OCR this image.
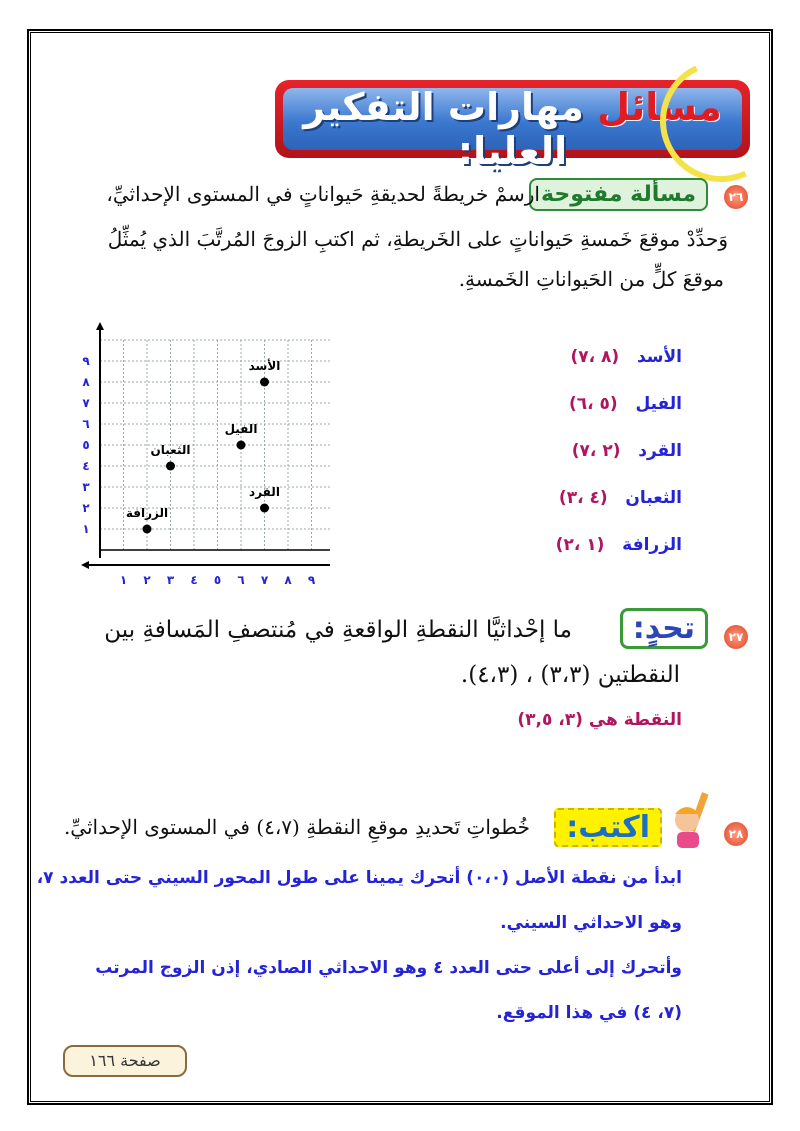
مسائل مهارات التفكير العليا:
٢٦
مسألة مفتوحة
ارسمْ خريطةً لحديقةِ حَيواناتٍ في المستوى الإحداثيِّ،
وَحدِّدْ موقعَ خَمسةِ حَيواناتٍ على الخَريطةِ، ثم اكتبِ الزوجَ المُرتَّبَ الذي يُمثِّلُ
موقعَ كلٍّ من الحَيواناتِ الخَمسةِ.
١ ٢ ٣ ٤ ٥ ٦ ٧ ٨ ٩
١
٢
٣
٤
٥
٦
٧
٨
٩	الأسد
الفيل
القرد
الثعبان
الزرافة
الأسد   (٨ ،٧)
الفيل   (٥ ،٦)
القرد   (٢ ،٧)
الثعبان   (٤ ،٣)
الزرافة   (١ ،٢)
٢٧
تحدٍ:
ما إحْداثيَّا النقطةِ الواقعةِ في مُنتصفِ المَسافةِ بين
النقطتين (٣،٣) ، (٤،٣).
النقطة هي (٣، ٣,٥)
٢٨
اكتب:
خُطواتِ تَحديدِ موقعِ النقطةِ (٤،٧) في المستوى الإحداثيِّ.
ابدأ من نقطة الأصل (٠،٠) أتحرك يمينا على طول المحور السيني حتى العدد ٧،
وهو الاحداثي السيني.
وأتحرك إلى أعلى حتى العدد ٤ وهو الاحداثي الصادي، إذن الزوج المرتب
(٧، ٤) في هذا الموقع.
صفحة ١٦٦
